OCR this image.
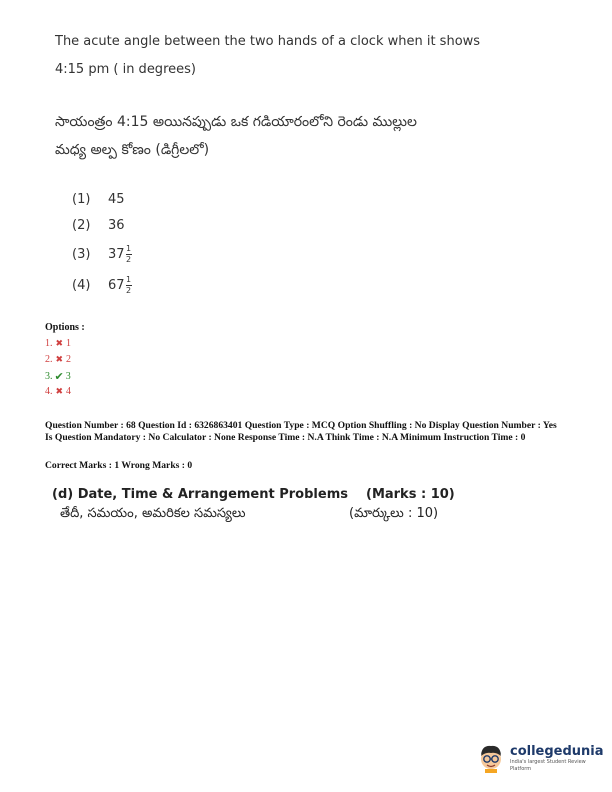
The acute angle between the two hands of a clock when it shows
4:15 pm ( in degrees)
సాయంత్రం 4:15 అయినప్పుడు ఒక గడియారంలోని రెండు ముల్లుల
మధ్య అల్ప కోణం (డిగ్రీలలో)
(1)	45
(2)	36
(3)	$37 \frac{1}{2}$
(4)	$67 \frac{1}{2}$
Options :
1. ✖ 1
2. ✖ 2
3. ✔ 3
4. ✖ 4
Question Number : 68 Question Id : 6326863401 Question Type : MCQ Option Shuffling : No Display Question Number : Yes Is Question Mandatory : No Calculator : None Response Time : N.A Think Time : N.A Minimum Instruction Time : 0
Correct Marks : 1 Wrong Marks : 0
(d) Date, Time & Arrangement Problems (Marks : 10)
తేదీ, సమయం, అమరికల సమస్యలు	(మార్కులు : 10)
collegedunia
India's largest Student Review Platform
